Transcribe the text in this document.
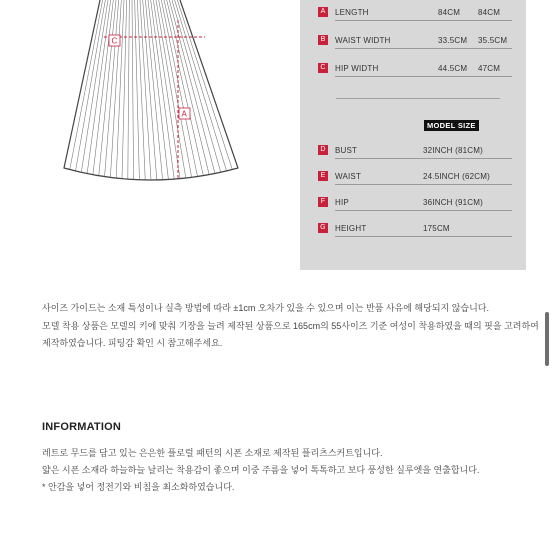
C
A
A	LENGTH	84CM 84CM
B	WAIST WIDTH	33.5CM 35.5CM
C HIP WIDTH	44.5CM 47CM
MODEL SIZE
D BUST	32INCH (81CM)
E	WAIST	24.5INCH (62CM)
F	HIP	36INCH (91CM)
G HEIGHT	175CM
사이즈 가이드는 소재 특성이나 실측 방법에 따라 ±1cm 오차가 있을 수 있으며 이는 반품 사유에 해당되지 않습니다.
모델 착용 상품은 모델의 키에 맞춰 기장을 늘려 제작된 상품으로 165cm의 55사이즈 기준 여성이 착용하였을 때의 핏을 고려하여
제작하였습니다. 피팅감 확인 시 참고해주세요.
INFORMATION
레트로 무드를 담고 있는 은은한 플로럴 패턴의 시폰 소재로 제작된 플리츠스커트입니다.
얇은 시폰 소재라 하늘하늘 날리는 착용감이 좋으며 이중 주름을 넣어 톡톡하고 보다 풍성한 실루엣을 연출합니다.
* 안감을 넣어 정전기와 비침을 최소화하였습니다.
